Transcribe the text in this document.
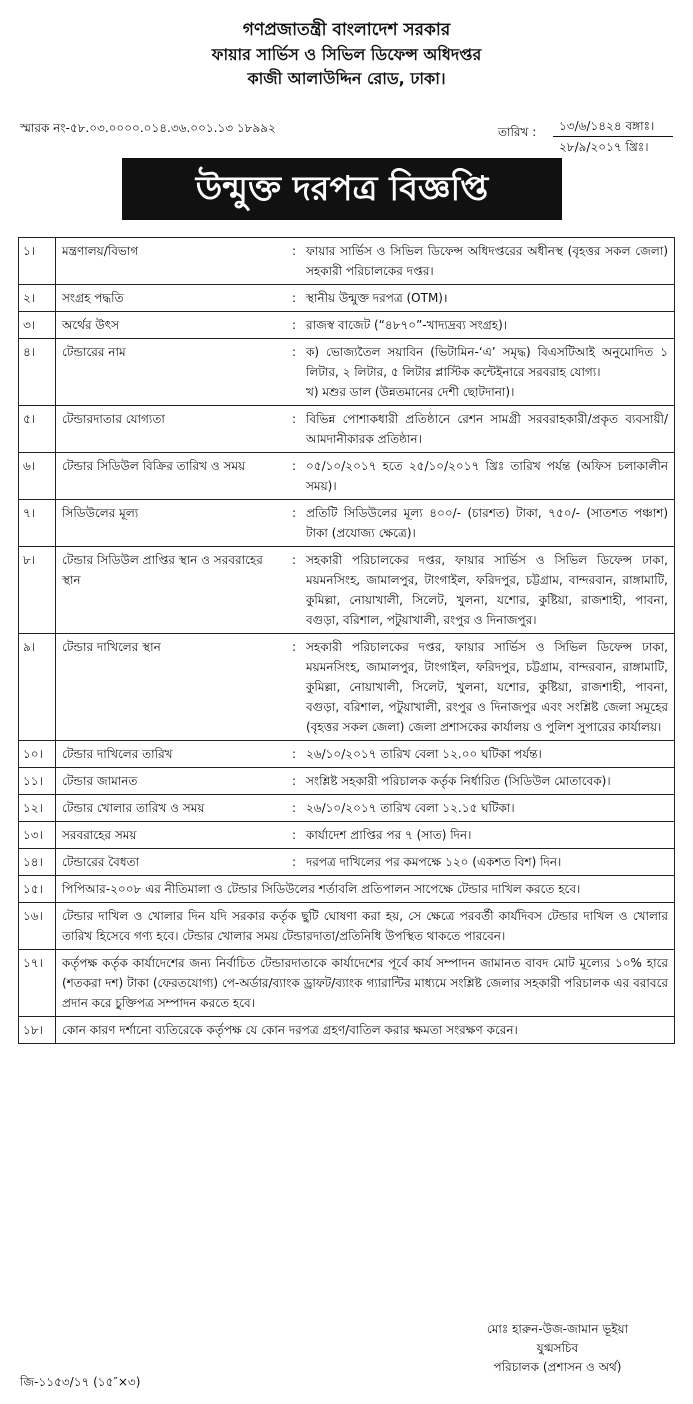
গণপ্রজাতন্ত্রী বাংলাদেশ সরকার
ফায়ার সার্ভিস ও সিভিল ডিফেন্স অধিদপ্তর
কাজী আলাউদ্দিন রোড, ঢাকা।
স্মারক নং-৫৮.০৩.০০০০.০১৪.৩৬.০০১.১৩ ১৮৯৯২	তারিখ :	১৩/৬/১৪২৪ বঙ্গাঃ।
২৮/৯/২০১৭ খ্রিঃ।
উন্মুক্ত দরপত্র বিজ্ঞপ্তি
১।	মন্ত্রণালয়/বিভাগ	:	ফায়ার সার্ভিস ও সিভিল ডিফেন্স অধিদপ্তরের অধীনস্থ (বৃহত্তর সকল জেলা) সহকারী পরিচালকের দপ্তর।
২।	সংগ্রহ পদ্ধতি	:	স্থানীয় উন্মুক্ত দরপত্র (OTM)।
৩।	অর্থের উৎস	:	রাজস্ব বাজেট (“৪৮৭০”-খাদ্যদ্রব্য সংগ্রহ)।
৪।	টেন্ডারের নাম	:	ক) ভোজ্যতৈল সয়াবিন (ভিটামিন-‘এ’ সমৃদ্ধ) বিএসটিআই অনুমোদিত ১ লিটার, ২ লিটার, ৫ লিটার প্লাস্টিক কন্টেইনারে সরবরাহ যোগ্য।
খ) মশুর ডাল (উন্নতমানের দেশী ছোটদানা)।

৫।	টেন্ডারদাতার যোগ্যতা	:	বিভিন্ন পোশাকধারী প্রতিষ্ঠানে রেশন সামগ্রী সরবরাহকারী/প্রকৃত ব্যবসায়ী/আমদানীকারক প্রতিষ্ঠান।
৬।	টেন্ডার সিডিউল বিক্রির তারিখ ও সময়	:	০৫/১০/২০১৭ হতে ২৫/১০/২০১৭ খ্রিঃ তারিখ পর্যন্ত (অফিস চলাকালীন সময়)।
৭।	সিডিউলের মূল্য	:	প্রতিটি সিডিউলের মূল্য ৪০০/- (চারশত) টাকা, ৭৫০/- (সাতশত পঞ্চাশ) টাকা (প্রযোজ্য ক্ষেত্রে)।
৮।	টেন্ডার সিডিউল প্রাপ্তির স্থান ও সরবরাহের স্থান	:	সহকারী পরিচালকের দপ্তর, ফায়ার সার্ভিস ও সিভিল ডিফেন্স ঢাকা, ময়মনসিংহ, জামালপুর, টাংগাইল, ফরিদপুর, চট্টগ্রাম, বান্দরবান, রাঙ্গামাটি, কুমিল্লা, নোয়াখালী, সিলেট, খুলনা, যশোর, কুষ্টিয়া, রাজশাহী, পাবনা, বগুড়া, বরিশাল, পটুয়াখালী, রংপুর ও দিনাজপুর।
৯।	টেন্ডার দাখিলের স্থান	:	সহকারী পরিচালকের দপ্তর, ফায়ার সার্ভিস ও সিভিল ডিফেন্স ঢাকা, ময়মনসিংহ, জামালপুর, টাংগাইল, ফরিদপুর, চট্টগ্রাম, বান্দরবান, রাঙ্গামাটি, কুমিল্লা, নোয়াখালী, সিলেট, খুলনা, যশোর, কুষ্টিয়া, রাজশাহী, পাবনা, বগুড়া, বরিশাল, পটুয়াখালী, রংপুর ও দিনাজপুর এবং সংশ্লিষ্ট জেলা সমূহের (বৃহত্তর সকল জেলা) জেলা প্রশাসকের কার্যালয় ও পুলিশ সুপারের কার্যালয়।
১০।	টেন্ডার দাখিলের তারিখ	:	২৬/১০/২০১৭ তারিখ বেলা ১২.০০ ঘটিকা পর্যন্ত।
১১।	টেন্ডার জামানত	:	সংশ্লিষ্ট সহকারী পরিচালক কর্তৃক নির্ধারিত (সিডিউল মোতাবেক)।
১২।	টেন্ডার খোলার তারিখ ও সময়	:	২৬/১০/২০১৭ তারিখ বেলা ১২.১৫ ঘটিকা।
১৩।	সরবরাহের সময়	:	কার্যাদেশ প্রাপ্তির পর ৭ (সাত) দিন।
১৪।	টেন্ডারের বৈধতা	:	দরপত্র দাখিলের পর কমপক্ষে ১২০ (একশত বিশ) দিন।
১৫।	পিপিআর-২০০৮ এর নীতিমালা ও টেন্ডার সিডিউলের শর্তাবলি প্রতিপালন সাপেক্ষে টেন্ডার দাখিল করতে হবে।		
১৬।	টেন্ডার দাখিল ও খোলার দিন যদি সরকার কর্তৃক ছুটি ঘোষণা করা হয়, সে ক্ষেত্রে পরবর্তী কার্যদিবস টেন্ডার দাখিল ও খোলার তারিখ হিসেবে গণ্য হবে। টেন্ডার খোলার সময় টেন্ডারদাতা/প্রতিনিধি উপস্থিত থাকতে পারবেন।		
১৭।	কর্তৃপক্ষ কর্তৃক কার্যাদেশের জন্য নির্বাচিত টেন্ডারদাতাকে কার্যাদেশের পূর্বে কার্য সম্পাদন জামানত বাবদ মোট মূল্যের ১০% হারে (শতকরা দশ) টাকা (ফেরতযোগ্য) পে-অর্ডার/ব্যাংক ড্রাফট/ব্যাংক গ্যারান্টির মাধ্যমে সংশ্লিষ্ট জেলার সহকারী পরিচালক এর বরাবরে প্রদান করে চুক্তিপত্র সম্পাদন করতে হবে।		
১৮।	কোন কারণ দর্শানো ব্যতিরেকে কর্তৃপক্ষ যে কোন দরপত্র গ্রহণ/বাতিল করার ক্ষমতা সংরক্ষণ করেন।		
মোঃ হারুন-উজ-জামান ভূইয়া
যুগ্মসচিব
পরিচালক (প্রশাসন ও অর্থ)
জি-১১৫৩/১৭ (১৫″×৩)
